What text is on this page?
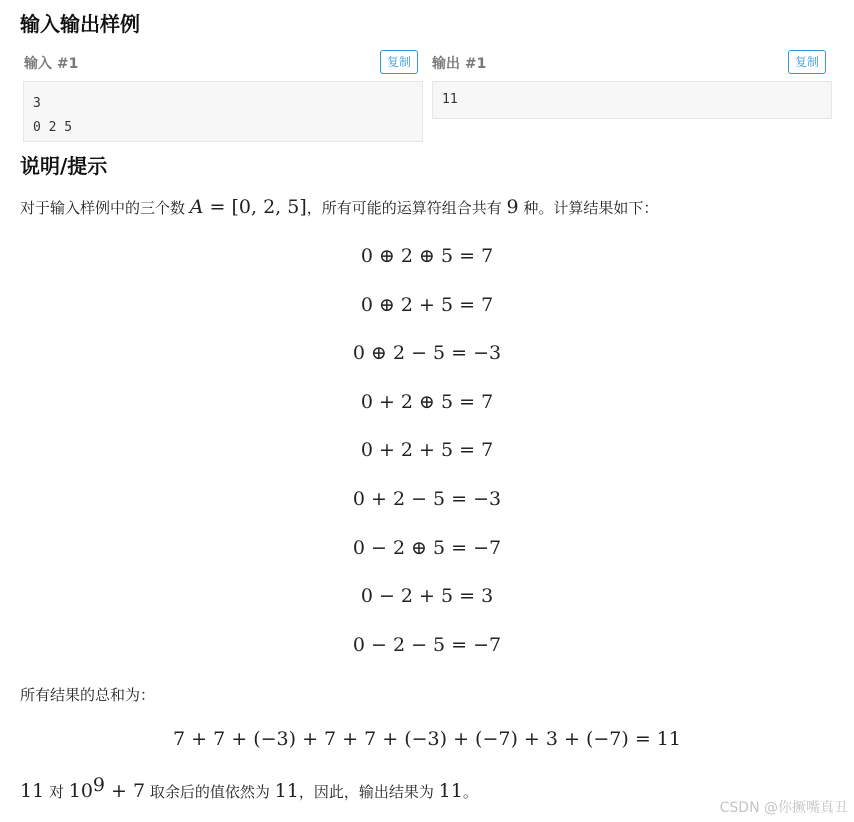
输入输出样例
输入 #1	复制
3
0 2 5
输出 #1	复制
11
说明/提示
对于输入样例中的三个数 A = [0, 2, 5]，所有可能的运算符组合共有 9 种。计算结果如下：
0 ⊕ 2 ⊕ 5 = 7
0 ⊕ 2 + 5 = 7
0 ⊕ 2 − 5 = −3
0 + 2 ⊕ 5 = 7
0 + 2 + 5 = 7
0 + 2 − 5 = −3
0 − 2 ⊕ 5 = −7
0 − 2 + 5 = 3
0 − 2 − 5 = −7
所有结果的总和为：
7 + 7 + (−3) + 7 + 7 + (−3) + (−7) + 3 + (−7) = 11
11 对 $10^9 + 7$ 取余后的值依然为 11，因此，输出结果为 11。
CSDN @你撅嘴真丑
